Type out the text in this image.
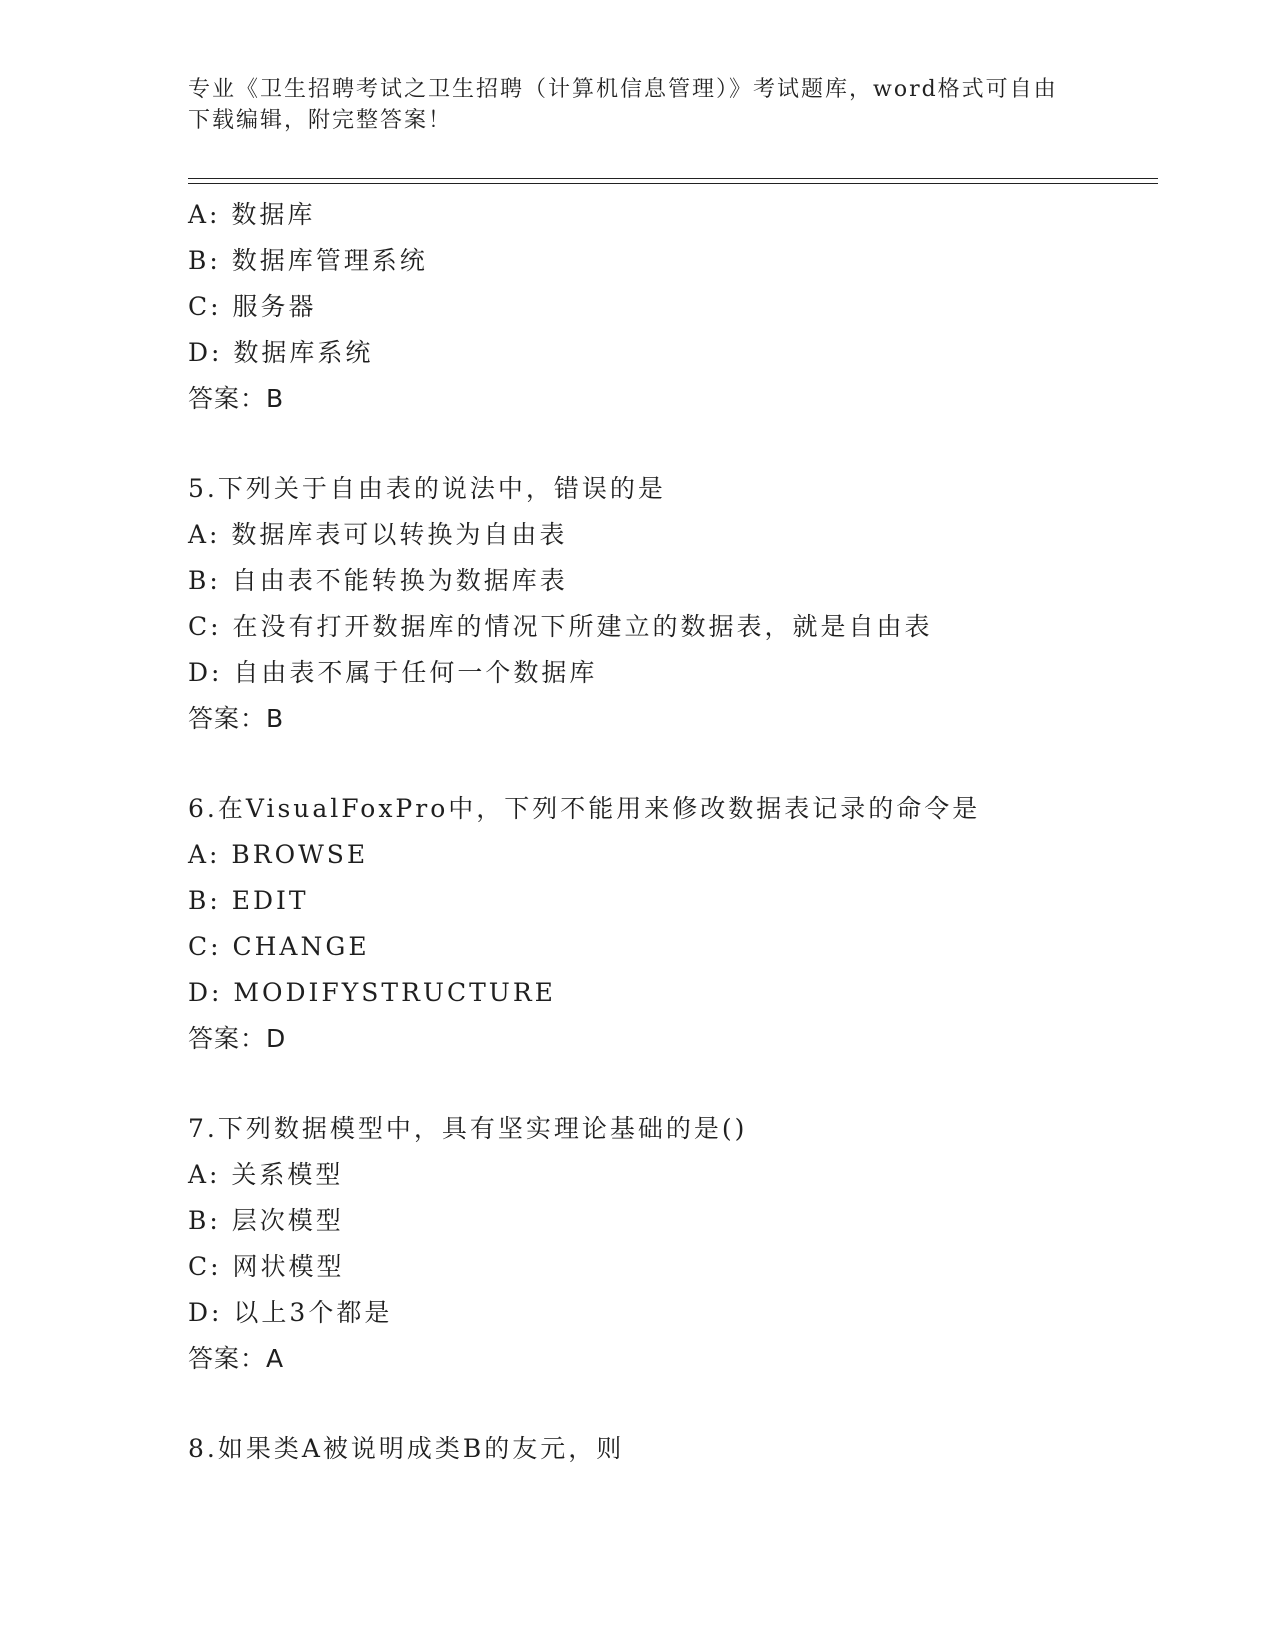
专业《卫生招聘考试之卫生招聘（计算机信息管理）》考试题库，word格式可自由下载编辑，附完整答案！
A: 数据库
B: 数据库管理系统
C: 服务器
D: 数据库系统
答案：B
5.下列关于自由表的说法中，错误的是
A: 数据库表可以转换为自由表
B: 自由表不能转换为数据库表
C: 在没有打开数据库的情况下所建立的数据表，就是自由表
D: 自由表不属于任何一个数据库
答案：B
6.在VisualFoxPro中，下列不能用来修改数据表记录的命令是
A: BROWSE
B: EDIT
C: CHANGE
D: MODIFYSTRUCTURE
答案：D
7.下列数据模型中，具有坚实理论基础的是()
A: 关系模型
B: 层次模型
C: 网状模型
D: 以上3个都是
答案：A
8.如果类A被说明成类B的友元，则
